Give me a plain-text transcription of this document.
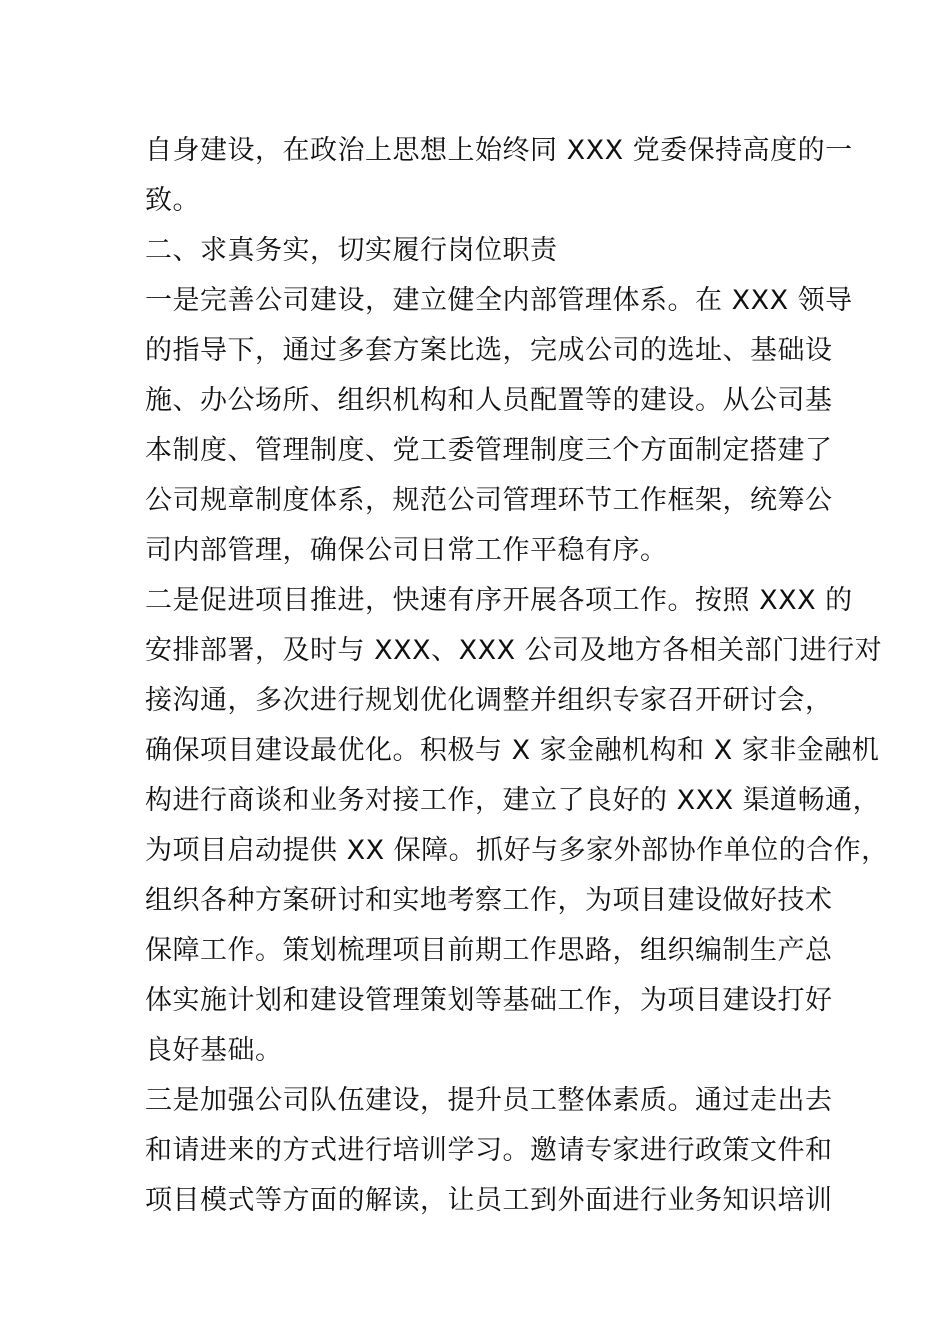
自身建设，在政治上思想上始终同 XXX 党委保持高度的一
致。
二、求真务实，切实履行岗位职责
一是完善公司建设，建立健全内部管理体系。在 XXX 领导
的指导下，通过多套方案比选，完成公司的选址、基础设
施、办公场所、组织机构和人员配置等的建设。从公司基
本制度、管理制度、党工委管理制度三个方面制定搭建了
公司规章制度体系，规范公司管理环节工作框架，统筹公
司内部管理，确保公司日常工作平稳有序。
二是促进项目推进，快速有序开展各项工作。按照 XXX 的
安排部署，及时与 XXX、XXX 公司及地方各相关部门进行对
接沟通，多次进行规划优化调整并组织专家召开研讨会，
确保项目建设最优化。积极与 X 家金融机构和 X 家非金融机
构进行商谈和业务对接工作，建立了良好的 XXX 渠道畅通，
为项目启动提供 XX 保障。抓好与多家外部协作单位的合作，
组织各种方案研讨和实地考察工作，为项目建设做好技术
保障工作。策划梳理项目前期工作思路，组织编制生产总
体实施计划和建设管理策划等基础工作，为项目建设打好
良好基础。
三是加强公司队伍建设，提升员工整体素质。通过走出去
和请进来的方式进行培训学习。邀请专家进行政策文件和
项目模式等方面的解读，让员工到外面进行业务知识培训
